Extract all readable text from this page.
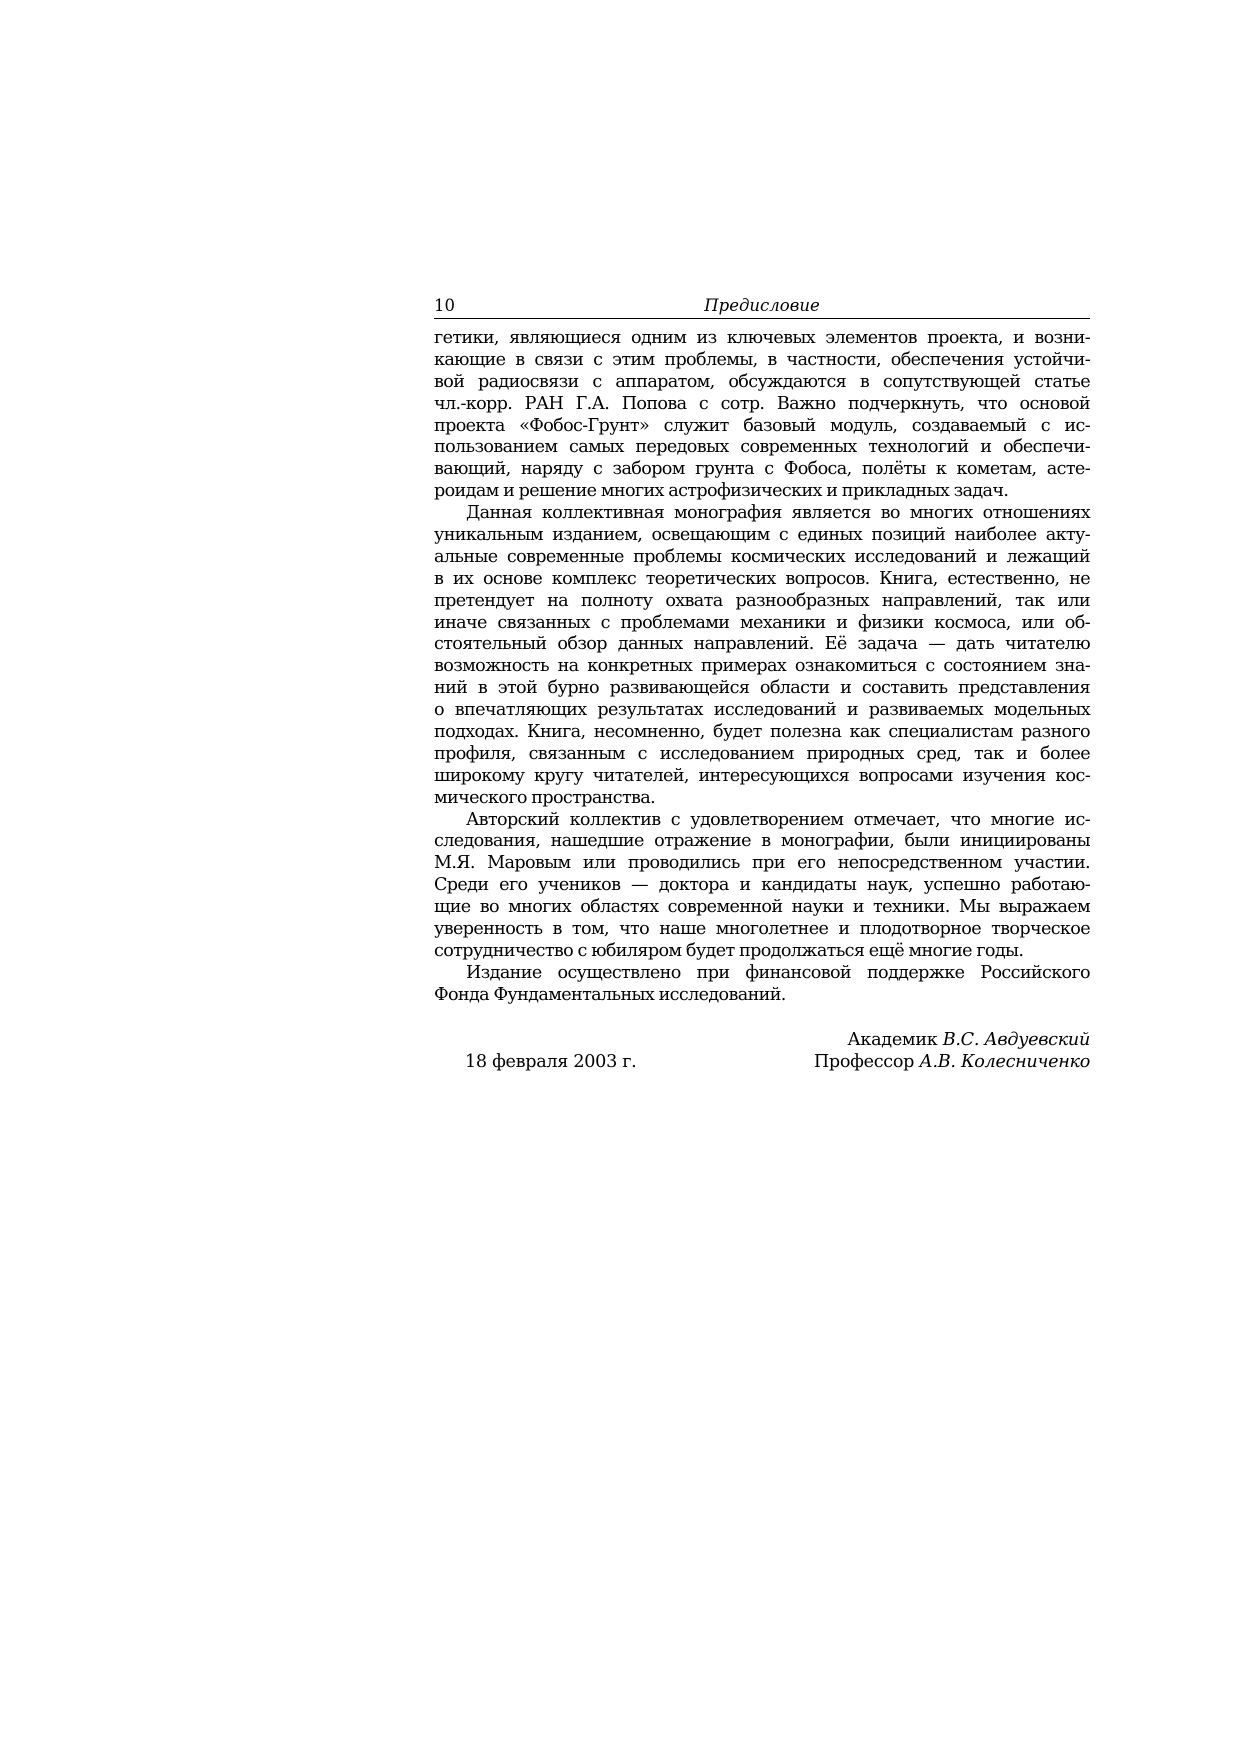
10	Предисловие
гетики, являющиеся одним из ключевых элементов проекта, и возни-
кающие в связи с этим проблемы, в частности, обеспечения устойчи-
вой радиосвязи с аппаратом, обсуждаются в сопутствующей статье
чл.-корр. РАН Г.А. Попова с сотр. Важно подчеркнуть, что основой
проекта «Фобос-Грунт» служит базовый модуль, создаваемый с ис-
пользованием самых передовых современных технологий и обеспечи-
вающий, наряду с забором грунта с Фобоса, полёты к кометам, асте-
роидам и решение многих астрофизических и прикладных задач.
Данная коллективная монография является во многих отношениях
уникальным изданием, освещающим с единых позиций наиболее акту-
альные современные проблемы космических исследований и лежащий
в их основе комплекс теоретических вопросов. Книга, естественно, не
претендует на полноту охвата разнообразных направлений, так или
иначе связанных с проблемами механики и физики космоса, или об-
стоятельный обзор данных направлений. Её задача — дать читателю
возможность на конкретных примерах ознакомиться с состоянием зна-
ний в этой бурно развивающейся области и составить представления
о впечатляющих результатах исследований и развиваемых модельных
подходах. Книга, несомненно, будет полезна как специалистам разного
профиля, связанным с исследованием природных сред, так и более
широкому кругу читателей, интересующихся вопросами изучения кос-
мического пространства.
Авторский коллектив с удовлетворением отмечает, что многие ис-
следования, нашедшие отражение в монографии, были инициированы
М.Я. Маровым или проводились при его непосредственном участии.
Среди его учеников — доктора и кандидаты наук, успешно работаю-
щие во многих областях современной науки и техники. Мы выражаем
уверенность в том, что наше многолетнее и плодотворное творческое
сотрудничество с юбиляром будет продолжаться ещё многие годы.
Издание осуществлено при финансовой поддержке Российского
Фонда Фундаментальных исследований.
Академик В.С. Авдуевский
Профессор А.В. Колесниченко
18 февраля 2003 г.
